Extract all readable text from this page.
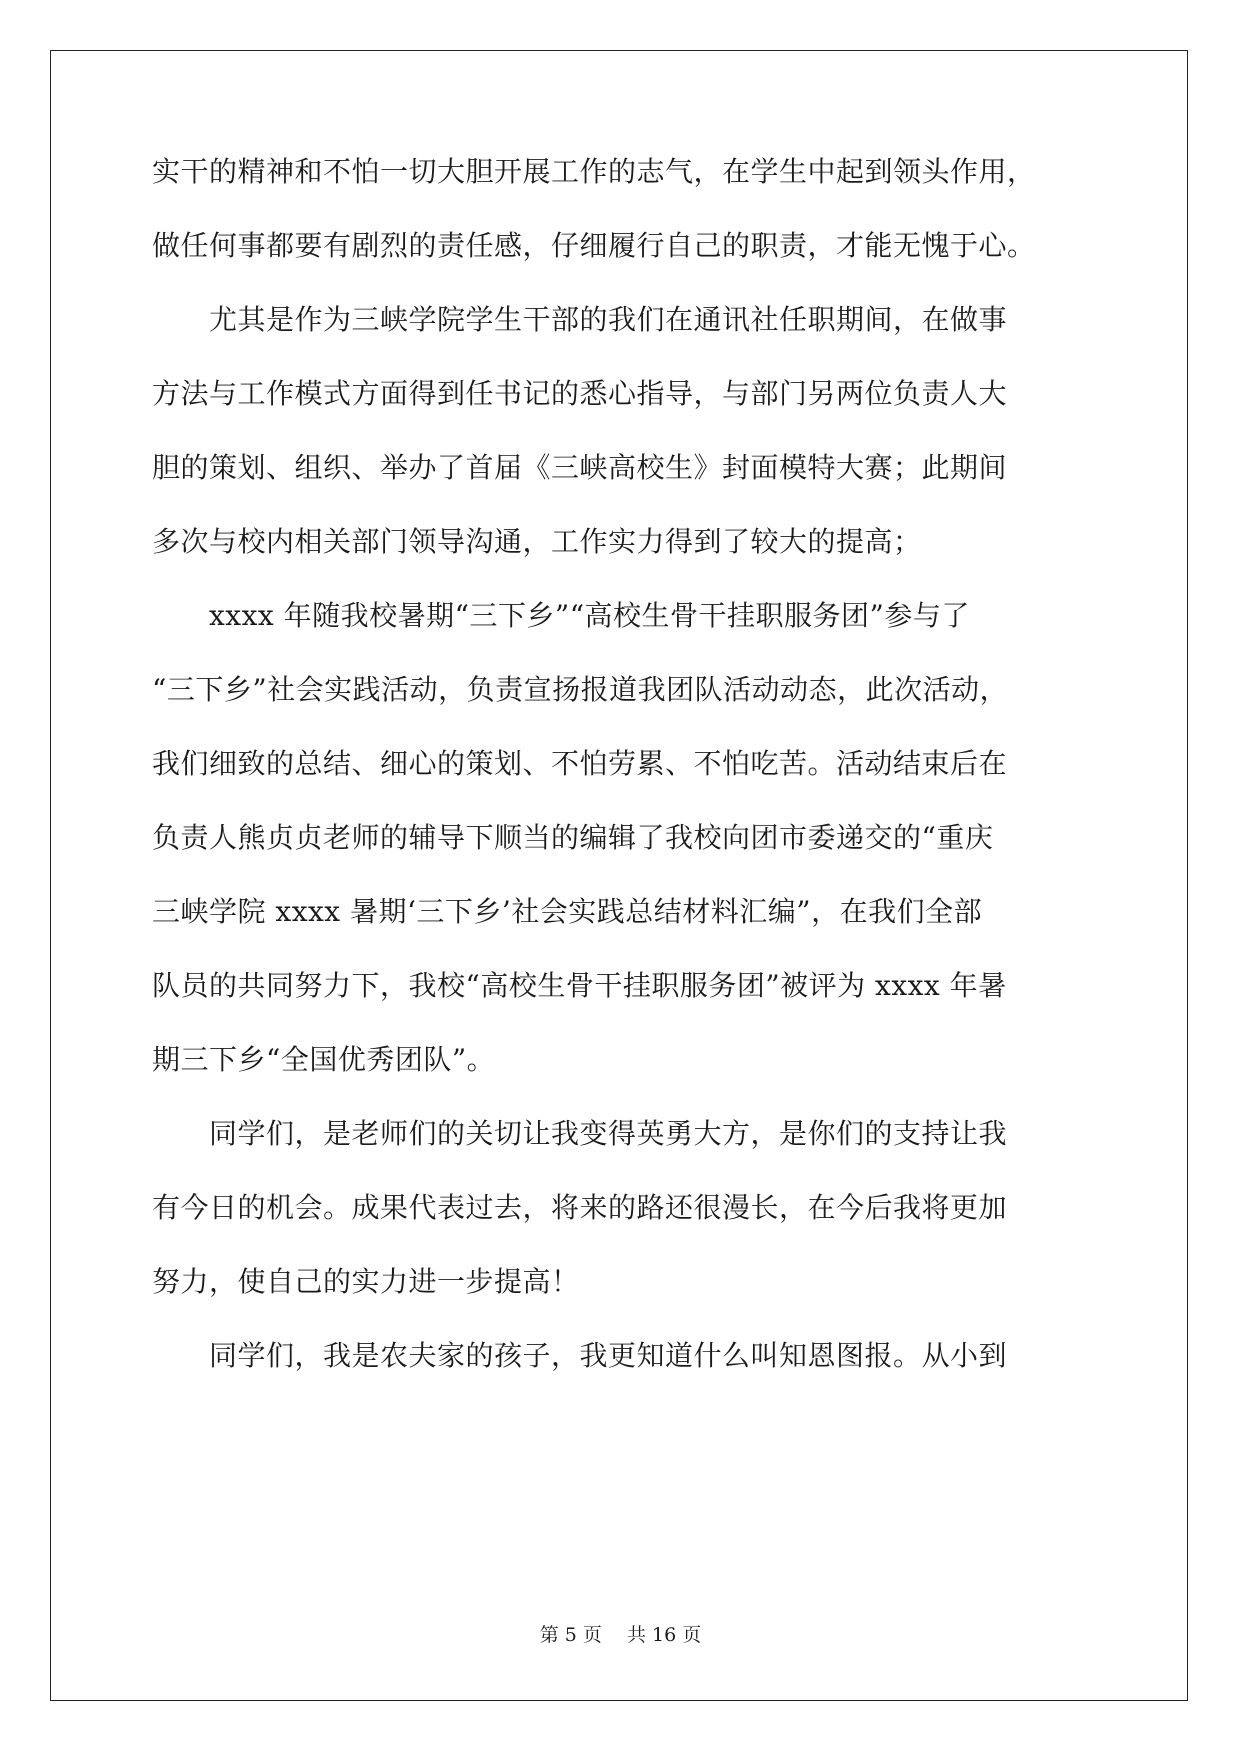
实干的精神和不怕一切大胆开展工作的志气，在学生中起到领头作用，
做任何事都要有剧烈的责任感，仔细履行自己的职责，才能无愧于心。
　　尤其是作为三峡学院学生干部的我们在通讯社任职期间，在做事
方法与工作模式方面得到任书记的悉心指导，与部门另两位负责人大
胆的策划、组织、举办了首届《三峡高校生》封面模特大赛；此期间
多次与校内相关部门领导沟通，工作实力得到了较大的提高；
　　xxxx 年随我校暑期“三下乡”“高校生骨干挂职服务团”参与了
“三下乡”社会实践活动，负责宣扬报道我团队活动动态，此次活动，
我们细致的总结、细心的策划、不怕劳累、不怕吃苦。活动结束后在
负责人熊贞贞老师的辅导下顺当的编辑了我校向团市委递交的“重庆
三峡学院 xxxx 暑期‘三下乡’社会实践总结材料汇编”，在我们全部
队员的共同努力下，我校“高校生骨干挂职服务团”被评为 xxxx 年暑
期三下乡“全国优秀团队”。
　　同学们，是老师们的关切让我变得英勇大方，是你们的支持让我
有今日的机会。成果代表过去，将来的路还很漫长，在今后我将更加
努力，使自己的实力进一步提高！
　　同学们，我是农夫家的孩子，我更知道什么叫知恩图报。从小到
第 5 页　 共 16 页
